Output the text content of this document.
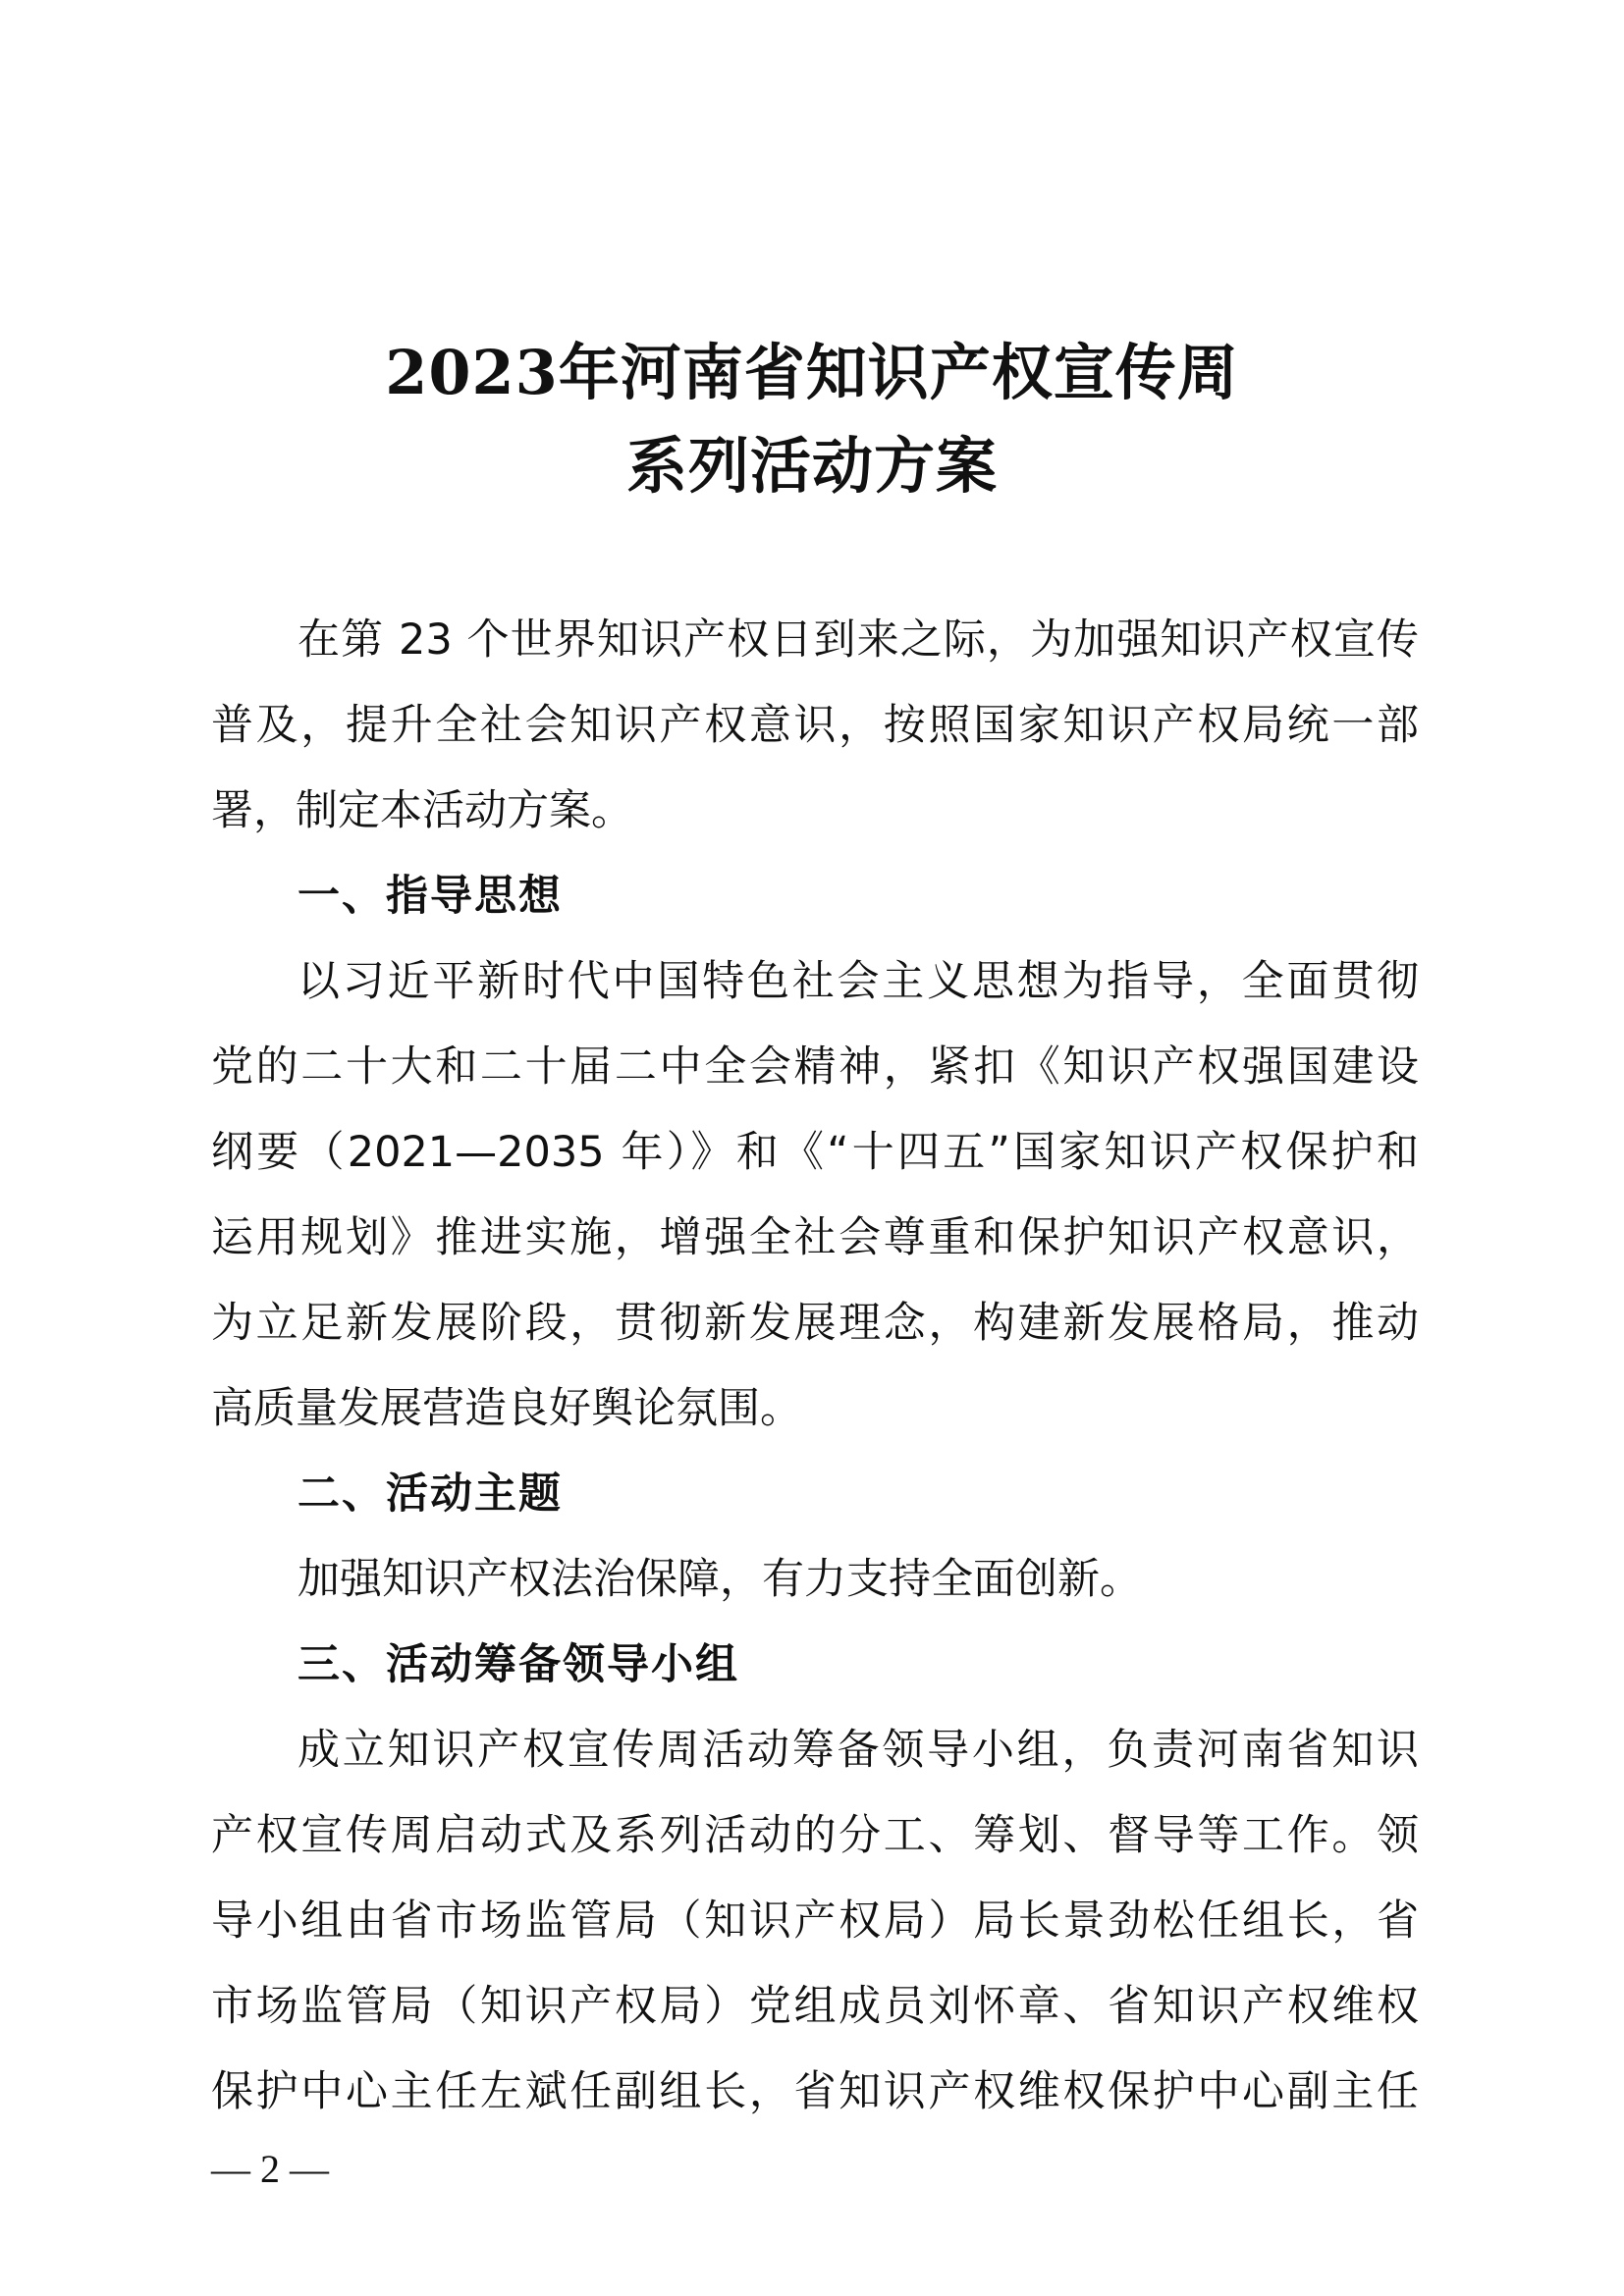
2023年河南省知识产权宣传周
系列活动方案
在第 23 个世界知识产权日到来之际，为加强知识产权宣传
普及，提升全社会知识产权意识，按照国家知识产权局统一部
署，制定本活动方案。
一、指导思想
以习近平新时代中国特色社会主义思想为指导，全面贯彻
党的二十大和二十届二中全会精神，紧扣《知识产权强国建设
纲要（2021—2035 年）》和《“十四五”国家知识产权保护和
运用规划》推进实施，增强全社会尊重和保护知识产权意识，
为立足新发展阶段，贯彻新发展理念，构建新发展格局，推动
高质量发展营造良好舆论氛围。
二、活动主题
加强知识产权法治保障，有力支持全面创新。
三、活动筹备领导小组
成立知识产权宣传周活动筹备领导小组，负责河南省知识
产权宣传周启动式及系列活动的分工、筹划、督导等工作。领
导小组由省市场监管局（知识产权局）局长景劲松任组长，省
市场监管局（知识产权局）党组成员刘怀章、省知识产权维权
保护中心主任左斌任副组长，省知识产权维权保护中心副主任
— 2 —
